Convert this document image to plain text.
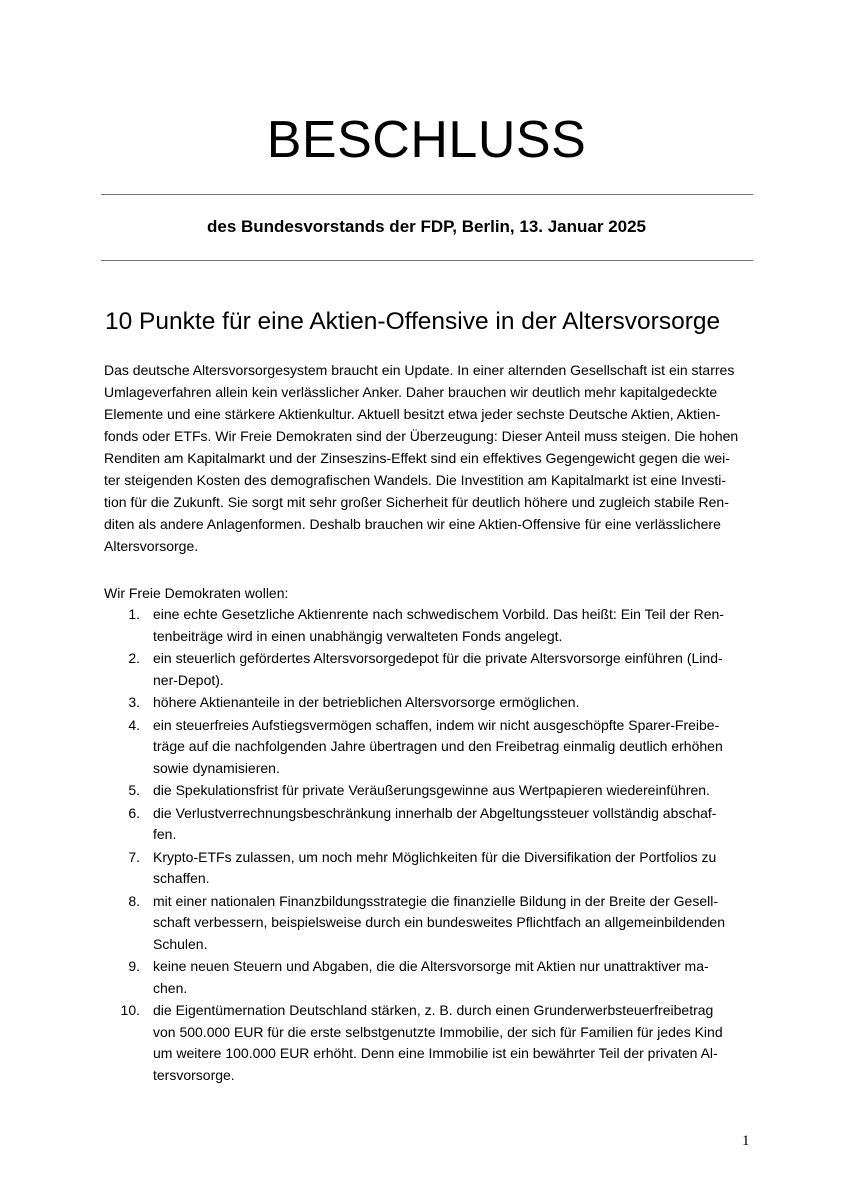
BESCHLUSS
des Bundesvorstands der FDP, Berlin, 13. Januar 2025
10 Punkte für eine Aktien-Offensive in der Altersvorsorge
Das deutsche Altersvorsorgesystem braucht ein Update. In einer alternden Gesellschaft ist ein starres
Umlageverfahren allein kein verlässlicher Anker. Daher brauchen wir deutlich mehr kapitalgedeckte
Elemente und eine stärkere Aktienkultur. Aktuell besitzt etwa jeder sechste Deutsche Aktien, Aktien-
fonds oder ETFs. Wir Freie Demokraten sind der Überzeugung: Dieser Anteil muss steigen. Die hohen
Renditen am Kapitalmarkt und der Zinseszins-Effekt sind ein effektives Gegengewicht gegen die wei-
ter steigenden Kosten des demografischen Wandels. Die Investition am Kapitalmarkt ist eine Investi-
tion für die Zukunft. Sie sorgt mit sehr großer Sicherheit für deutlich höhere und zugleich stabile Ren-
diten als andere Anlagenformen. Deshalb brauchen wir eine Aktien-Offensive für eine verlässlichere
Altersvorsorge.
Wir Freie Demokraten wollen:
1. eine echte Gesetzliche Aktienrente nach schwedischem Vorbild. Das heißt: Ein Teil der Ren-
tenbeiträge wird in einen unabhängig verwalteten Fonds angelegt.
2. ein steuerlich gefördertes Altersvorsorgedepot für die private Altersvorsorge einführen (Lind-
ner-Depot).
3. höhere Aktienanteile in der betrieblichen Altersvorsorge ermöglichen.
4. ein steuerfreies Aufstiegsvermögen schaffen, indem wir nicht ausgeschöpfte Sparer-Freibe-
träge auf die nachfolgenden Jahre übertragen und den Freibetrag einmalig deutlich erhöhen
sowie dynamisieren.
5. die Spekulationsfrist für private Veräußerungsgewinne aus Wertpapieren wiedereinführen.
6. die Verlustverrechnungsbeschränkung innerhalb der Abgeltungssteuer vollständig abschaf-
fen.
7. Krypto-ETFs zulassen, um noch mehr Möglichkeiten für die Diversifikation der Portfolios zu
schaffen.
8. mit einer nationalen Finanzbildungsstrategie die finanzielle Bildung in der Breite der Gesell-
schaft verbessern, beispielsweise durch ein bundesweites Pflichtfach an allgemeinbildenden
Schulen.
9. keine neuen Steuern und Abgaben, die die Altersvorsorge mit Aktien nur unattraktiver ma-
chen.
10. die Eigentümernation Deutschland stärken, z. B. durch einen Grunderwerbsteuerfreibetrag
von 500.000 EUR für die erste selbstgenutzte Immobilie, der sich für Familien für jedes Kind
um weitere 100.000 EUR erhöht. Denn eine Immobilie ist ein bewährter Teil der privaten Al-
tersvorsorge.
1
